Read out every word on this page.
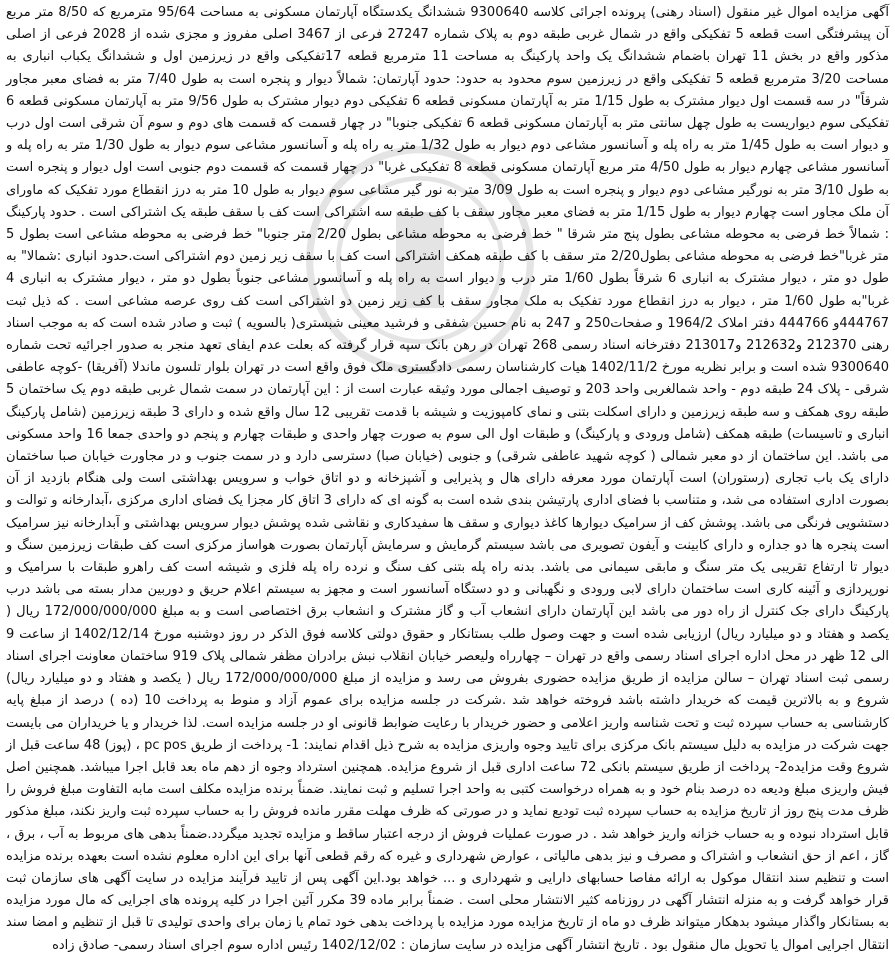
آگهی مزایده اموال غیر منقول (اسناد رهنی) پرونده اجرائی کلاسه 9300640 ششدانگ یکدستگاه آپارتمان مسکونی به مساحت 95/64 مترمربع که 8/50 متر مربع آن پیشرفتگی است قطعه 5 تفکیکی واقع در شمال غربی طبقه دوم به پلاک شماره 27247 فرعی از 3467 اصلی مفروز و مجزی شده از 2028 فرعی از اصلی مذکور واقع در بخش 11 تهران باضمام ششدانگ یک واحد پارکینگ به مساحت 11 مترمربع قطعه 17تفکیکی واقع در زیرزمین اول و ششدانگ یکباب انباری به مساحت 3/20 مترمربع قطعه 5 تفکیکی واقع در زیرزمین سوم محدود به حدود: حدود آپارتمان: شمالاً دیوار و پنجره است به طول 7/40 متر به فضای معبر مجاور شرقاً" در سه قسمت اول دیوار مشترک به طول 1/15 متر به آپارتمان مسکونی قطعه 6 تفکیکی دوم دیوار مشترک به طول 9/56 متر به آپارتمان مسکونی قطعه 6 تفکیکی سوم دیواریست به طول چهل سانتی متر به آپارتمان مسکونی قطعه 6 تفکیکی جنوبا" در چهار قسمت که قسمت های دوم و سوم آن شرقی است اول درب و دیوار است به طول 1/45 متر به راه پله و آسانسور مشاعی دوم دیوار به طول 1/32 متر به راه پله و آسانسور مشاعی سوم دیوار به طول 1/30 متر به راه پله و آسانسور مشاعی چهارم دیوار به طول 4/50 متر مربع آپارتمان مسکونی قطعه 8 تفکیکی غربا" در چهار قسمت که قسمت دوم جنوبی است اول دیوار و پنجره است به طول 3/10 متر به نورگیر مشاعی دوم دیوار و پنجره است به طول 3/09 متر به نور گیر مشاعی سوم دیوار به طول 10 متر به درز انقطاع مورد تفکیک که ماورای آن ملک مجاور است چهارم دیوار به طول 1/15 متر به فضای معبر مجاور سقف با کف طبقه سه اشتراکی است کف با سقف طبقه یک اشتراکی است . حدود پارکینگ : شمالاً خط فرضی به محوطه مشاعی بطول پنج متر شرقا " خط فرضی به محوطه مشاعی بطول 2/20 متر جنوبا" خط فرضی به محوطه مشاعی است بطول 5 متر غربا"خط فرضی به محوطه مشاعی بطول2/20 متر سقف با کف طبقه همکف اشتراکی است کف با سقف زیر زمین دوم اشتراکی است.حدود انباری :شمالا" به طول دو متر ، دیوار مشترک به انباری 6 شرقاً بطول 1/60 متر درب و دیوار است به راه پله و آسانسور مشاعی جنوباً بطول دو متر ، دیوار مشترک به انباری 4 غربا"به طول 1/60 متر ، دیوار به درز انقطاع مورد تفکیک به ملک مجاور سقف با کف زیر زمین دو اشتراکی است کف روی عرصه مشاعی است . که ذیل ثبت 444767و 444766 دفتر املاک 1964/2 و صفحات250 و 247 به نام حسین شفقی و فرشید معینی شبستری( بالسویه ) ثبت و صادر شده است که به موجب اسناد رهنی 212370 و212632 و213017 دفترخانه اسناد رسمی 268 تهران در رهن بانک سپه قرار گرفته که بعلت عدم ایفای تعهد منجر به صدور اجرائیه تحت شماره 9300640 شده است و برابر نظریه مورخ 1402/11/2 هیات کارشناسان رسمی دادگستری ملک فوق واقع است در تهران بلوار تلسون ماندلا (آفریقا) -کوچه عاطفی شرقی - پلاک 24 طبقه دوم - واحد شمالغربی واحد 203 و توصیف اجمالی مورد وثیقه عبارت است از : این آپارتمان در سمت شمال غربی طبقه دوم یک ساختمان 5 طبقه روی همکف و سه طبقه زیرزمین و دارای اسکلت بتنی و نمای کامپوزیت و شیشه با قدمت تقریبی 12 سال واقع شده و دارای 3 طبقه زیرزمین (شامل پارکینگ انباری و تاسیسات) طبقه همکف (شامل ورودی و پارکینگ) و طبقات اول الی سوم به صورت چهار واحدی و طبقات چهارم و پنجم دو واحدی جمعا 16 واحد مسکونی می باشد. این ساختمان از دو معبر شمالی ( کوچه شهید عاطفی شرقی) و جنوبی (خیابان صبا) دسترسی دارد و در سمت جنوب و در مجاورت خیابان صبا ساختمان دارای یک باب تجاری (رستوران) است آپارتمان مورد معرفه دارای هال و پذیرایی و آشپزخانه و دو اتاق خواب و سرویس بهداشتی است ولی هنگام بازدید از آن بصورت اداری استفاده می شد، و متناسب با فضای اداری پارتیشن بندی شده است به گونه ای که دارای 3 اتاق کار مجزا یک فضای اداری مرکزی ،آبدارخانه و توالت و دستشویی فرنگی می باشد. پوشش کف از سرامیک دیوارها کاغذ دیواری و سقف ها سفیدکاری و نقاشی شده پوشش دیوار سرویس بهداشتی و آبدارخانه نیز سرامیک است پنجره ها دو جداره و دارای کابینت و آیفون تصویری می باشد سیستم گرمایش و سرمایش آپارتمان بصورت هواساز مرکزی است کف طبقات زیرزمین سنگ و دیوار تا ارتفاع تقریبی یک متر سنگ و مابقی سیمانی می باشد. بدنه راه پله بتنی کف سنگ و نرده راه پله فلزی و شیشه است کف راهرو طبقات با سرامیک و نورپردازی و آئینه کاری است ساختمان دارای لابی ورودی و نگهبانی و دو دستگاه آسانسور است و مجهز به سیستم اعلام حریق و دوربین مدار بسته می باشد درب پارکینگ دارای جک کنترل از راه دور می باشد این آپارتمان دارای انشعاب آب و گاز مشترک و انشعاب برق اختصاصی است و به مبلغ 172/000/000/000 ریال ( یکصد و هفتاد و دو میلیارد ریال) ارزیابی شده است و جهت وصول طلب بستانکار و حقوق دولتی کلاسه فوق الذکر در روز دوشنبه مورخ 1402/12/14 از ساعت 9 الی 12 ظهر در محل اداره اجرای اسناد رسمی واقع در تهران – چهارراه ولیعصر خیابان انقلاب نبش برادران مظفر شمالی پلاک 919 ساختمان معاونت اجرای اسناد رسمی ثبت اسناد تهران – سالن مزایده از طریق مزایده حضوری بفروش می رسد و مزایده از مبلغ 172/000/000/000 ریال ( یکصد و هفتاد و دو میلیارد ریال) شروع و به بالاترین قیمت که خریدار داشته باشد فروخته خواهد شد .شرکت در جلسه مزایده برای عموم آزاد و منوط به پرداخت 10 (ده ) درصد از مبلغ پایه کارشناسی به حساب سپرده ثبت و تحت شناسه واریز اعلامی و حضور خریدار با رعایت ضوابط قانونی او در جلسه مزایده است. لذا خریدار و یا خریداران می بایست جهت شرکت در مزایده به دلیل سیستم بانک مرکزی برای تایید وجوه واریزی مزایده به شرح ذیل اقدام نمایند: 1- پرداخت از طریق pc pos ، (پوز) 48 ساعت قبل از شروع وقت مزایده2- پرداخت از طریق سیستم بانکی 72 ساعت اداری قبل از شروع مزایده. همچنین استرداد وجوه از دهم ماه بعد قابل اجرا میباشد. همچنین اصل فیش واریزی مبلغ ودیعه ده درصد بنام خود و به همراه درخواست کتبی به واحد اجرا تسلیم و ثبت نمایند. ضمناً برنده مزایده مکلف است مابه التفاوت مبلغ فروش را ظرف مدت پنج روز از تاریخ مزایده به حساب سپرده ثبت تودیع نماید و در صورتی که ظرف مهلت مقرر مانده فروش را به حساب سپرده ثبت واریز نکند، مبلغ مذکور قابل استرداد نبوده و به حساب خزانه واریز خواهد شد . در صورت عملیات فروش از درجه اعتبار ساقط و مزایده تجدید میگردد.ضمناً بدهی های مربوط به آب ، برق ، گاز ، اعم از حق انشعاب و اشتراک و مصرف و نیز بدهی مالیاتی ، عوارض شهرداری و غیره که رقم قطعی آنها برای این اداره معلوم نشده است بعهده برنده مزایده است و تنظیم سند انتقال موکول به ارائه مفاصا حسابهای دارایی و شهرداری و ... خواهد بود.این آگهی پس از تایید فرآیند مزایده در سایت آگهی های سازمان ثبت قرار خواهد گرفت و به منزله انتشار آگهی در روزنامه کثیر الانتشار محلی است . ضمناً برابر ماده 39 مکرر آئین اجرا در کلیه پرونده های اجرایی که مال مورد مزایده به بستانکار واگذار میشود بدهکار میتواند ظرف دو ماه از تاریخ مزایده مورد مزایده با پرداخت بدهی خود تمام یا زمان برای واحدی تولیدی تا قبل از تنظیم و امضا سند انتقال اجرایی اموال یا تحویل مال منقول بود . تاریخ انتشار آگهی مزایده در سایت سازمان : 1402/12/02 رئیس اداره سوم اجرای اسناد رسمی- صادق زاده
